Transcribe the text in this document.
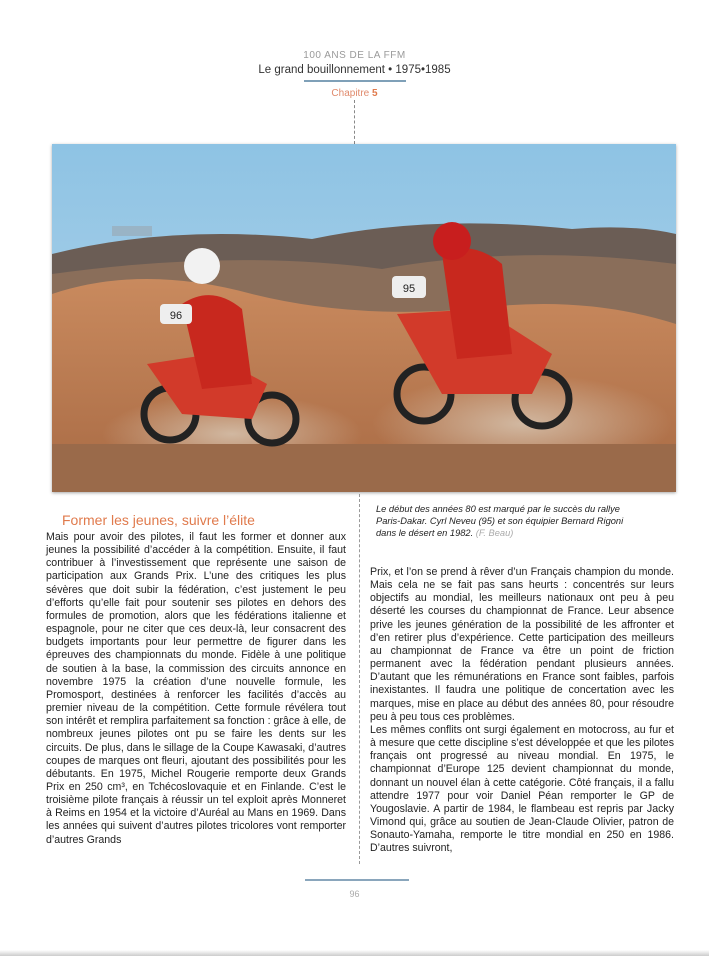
100 ANS DE LA FFM
Le grand bouillonnement • 1975•1985
Chapitre 5
96
95
Le début des années 80 est marqué par le succès du rallye Paris-Dakar. Cyrl Neveu (95) et son équipier Bernard Rigoni dans le désert en 1982. (F. Beau)
Former les jeunes, suivre l’élite

Mais pour avoir des pilotes, il faut les former et donner aux jeunes la possibilité d’accéder à la compétition. Ensuite, il faut contribuer à l’investissement que représente une saison de participation aux Grands Prix. L’une des critiques les plus sévères que doit subir la fédération, c’est justement le peu d’efforts qu’elle fait pour soutenir ses pilotes en dehors des formules de promotion, alors que les fédérations italienne et espagnole, pour ne citer que ces deux-là, leur consacrent des budgets importants pour leur permettre de figurer dans les épreuves des championnats du monde. Fidèle à une politique de soutien à la base, la commission des circuits annonce en novembre 1975 la création d’une nouvelle formule, les Promosport, destinées à renforcer les facilités d’accès au premier niveau de la compétition. Cette formule révélera tout son intérêt et remplira parfaitement sa fonction : grâce à elle, de nombreux jeunes pilotes ont pu se faire les dents sur les circuits. De plus, dans le sillage de la Coupe Kawasaki, d’autres coupes de marques ont fleuri, ajoutant des possibilités pour les débutants. En 1975, Michel Rougerie remporte deux Grands Prix en 250 cm³, en Tchécoslovaquie et en Finlande. C’est le troisième pilote français à réussir un tel exploit après Monneret à Reims en 1954 et la victoire d’Auréal au Mans en 1969. Dans les années qui suivent d’autres pilotes tricolores vont remporter d’autres Grands

Prix, et l’on se prend à rêver d’un Français champion du monde. Mais cela ne se fait pas sans heurts : concentrés sur leurs objectifs au mondial, les meilleurs nationaux ont peu à peu déserté les courses du championnat de France. Leur absence prive les jeunes génération de la possibilité de les affronter et d’en retirer plus d’expérience. Cette participation des meilleurs au championnat de France va être un point de friction permanent avec la fédération pendant plusieurs années. D’autant que les rémunérations en France sont faibles, parfois inexistantes. Il faudra une politique de concertation avec les marques, mise en place au début des années 80, pour résoudre peu à peu tous ces problèmes.

Les mêmes conflits ont surgi également en motocross, au fur et à mesure que cette discipline s’est développée et que les pilotes français ont progressé au niveau mondial. En 1975, le championnat d’Europe 125 devient championnat du monde, donnant un nouvel élan à cette catégorie. Côté français, il a fallu attendre 1977 pour voir Daniel Péan remporter le GP de Yougoslavie. A partir de 1984, le flambeau est repris par Jacky Vimond qui, grâce au soutien de Jean-Claude Olivier, patron de Sonauto-Yamaha, remporte le titre mondial en 250 en 1986. D’autres suivront,

96
